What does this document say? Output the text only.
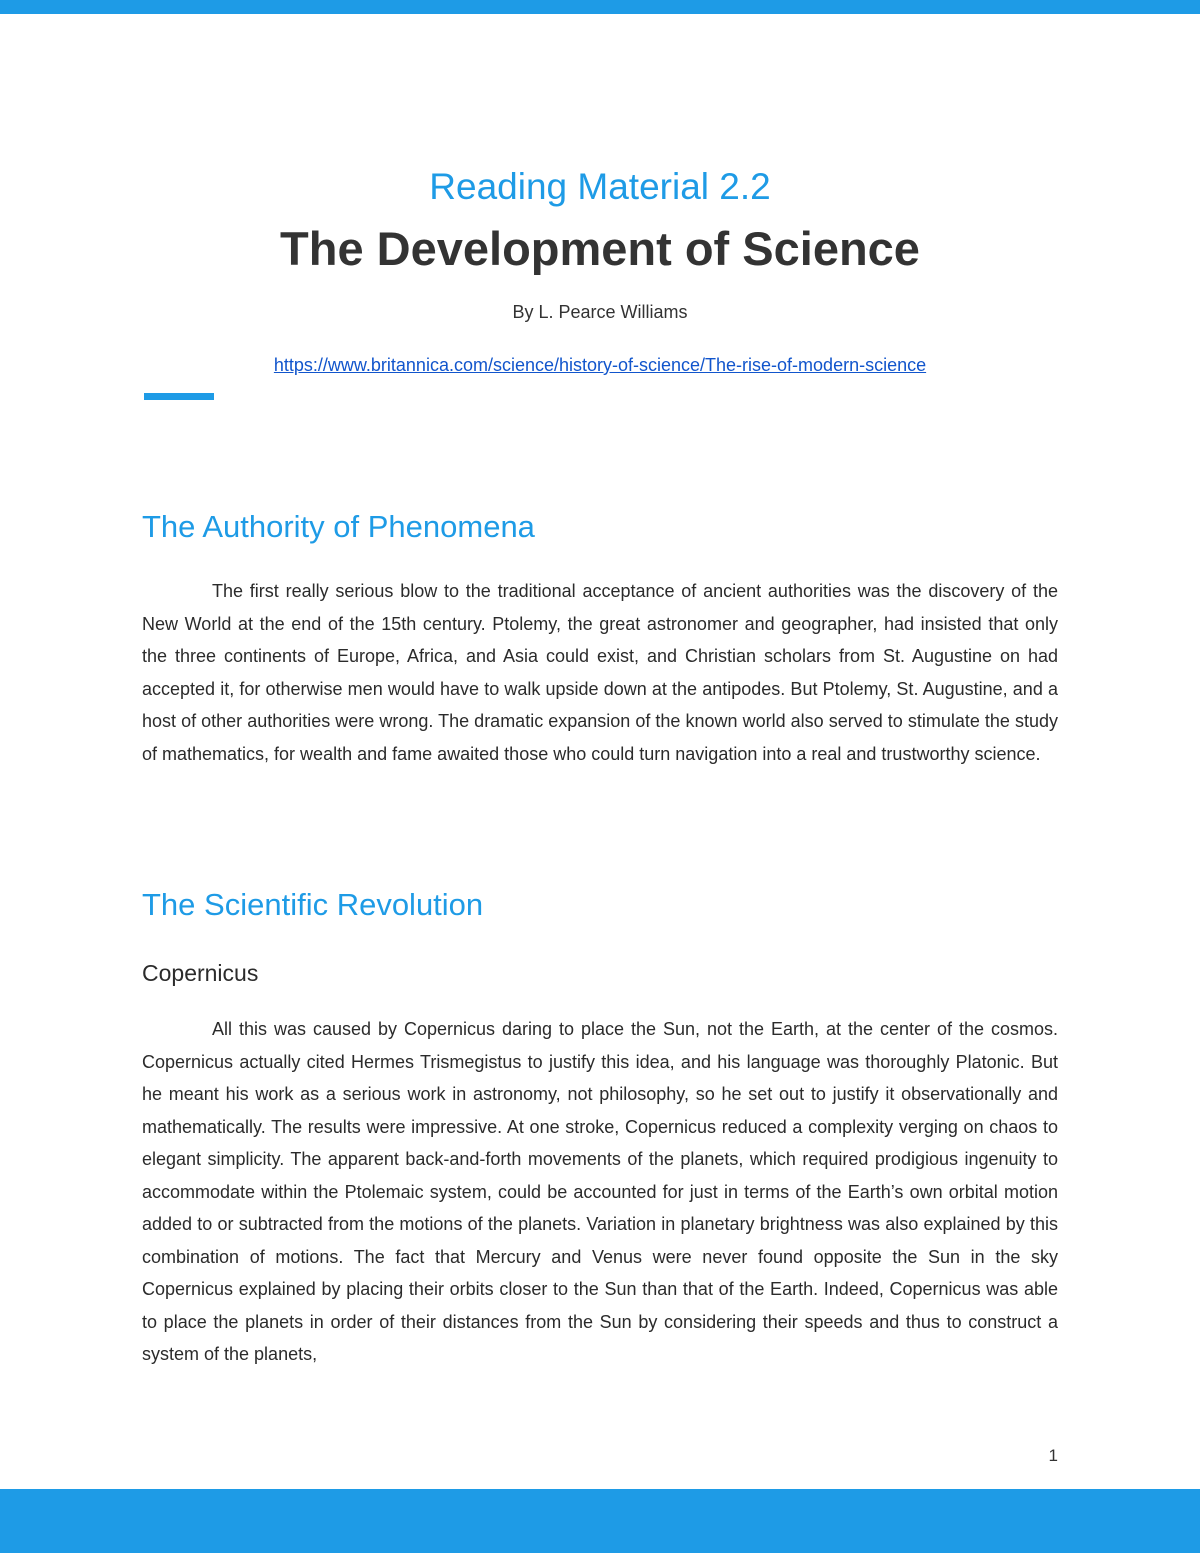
Reading Material 2.2
The Development of Science
By L. Pearce Williams
https://www.britannica.com/science/history-of-science/The-rise-of-modern-science
The Authority of Phenomena

The first really serious blow to the traditional acceptance of ancient authorities was the discovery of the New World at the end of the 15th century. Ptolemy, the great astronomer and geographer, had insisted that only the three continents of Europe, Africa, and Asia could exist, and Christian scholars from St. Augustine on had accepted it, for otherwise men would have to walk upside down at the antipodes. But Ptolemy, St. Augustine, and a host of other authorities were wrong. The dramatic expansion of the known world also served to stimulate the study of mathematics, for wealth and fame awaited those who could turn navigation into a real and trustworthy science.

The Scientific Revolution
Copernicus

All this was caused by Copernicus daring to place the Sun, not the Earth, at the center of the cosmos. Copernicus actually cited Hermes Trismegistus to justify this idea, and his language was thoroughly Platonic. But he meant his work as a serious work in astronomy, not philosophy, so he set out to justify it observationally and mathematically. The results were impressive. At one stroke, Copernicus reduced a complexity verging on chaos to elegant simplicity. The apparent back-and-forth movements of the planets, which required prodigious ingenuity to accommodate within the Ptolemaic system, could be accounted for just in terms of the Earth’s own orbital motion added to or subtracted from the motions of the planets. Variation in planetary brightness was also explained by this combination of motions. The fact that Mercury and Venus were never found opposite the Sun in the sky Copernicus explained by placing their orbits closer to the Sun than that of the Earth. Indeed, Copernicus was able to place the planets in order of their distances from the Sun by considering their speeds and thus to construct a system of the planets,

1
